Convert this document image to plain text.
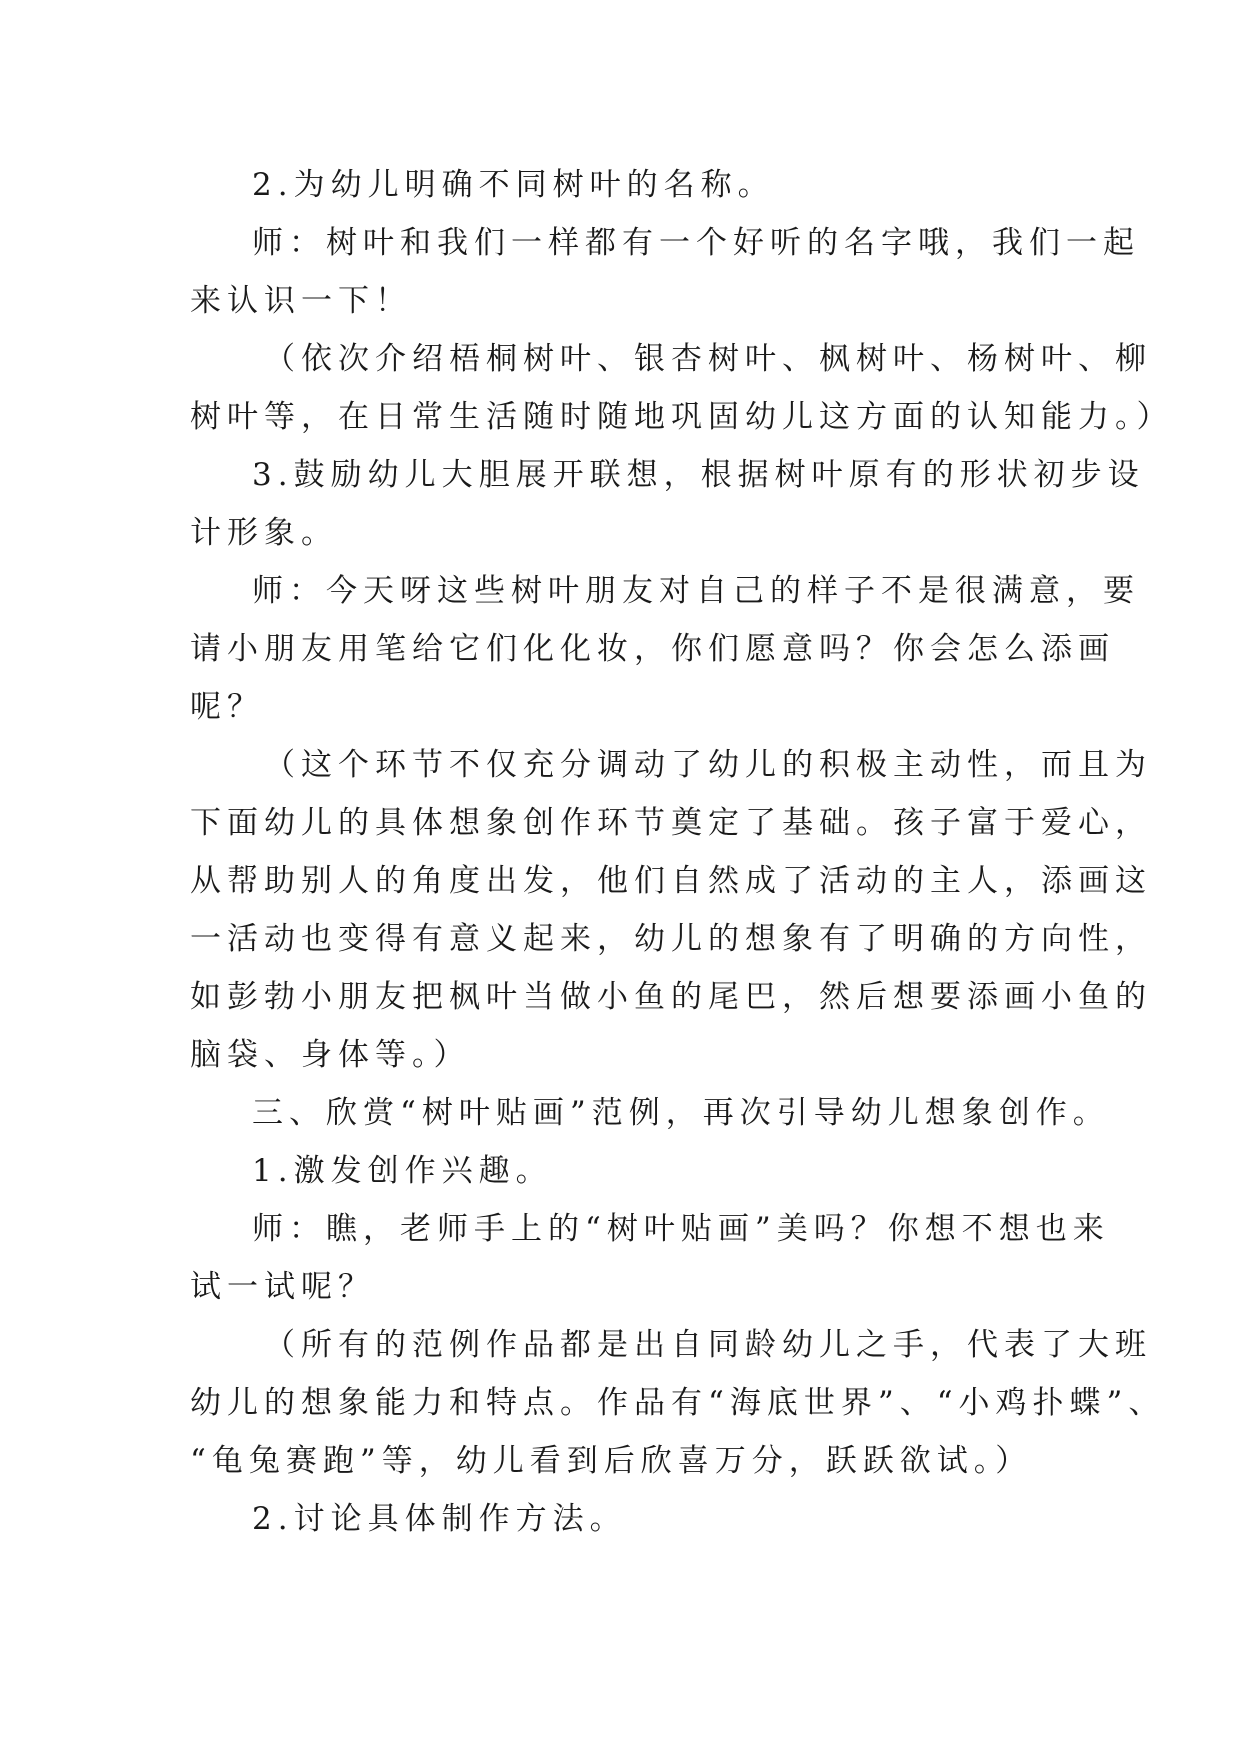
2.为幼儿明确不同树叶的名称。
师：树叶和我们一样都有一个好听的名字哦，我们一起
来认识一下！
（依次介绍梧桐树叶、银杏树叶、枫树叶、杨树叶、柳
树叶等，在日常生活随时随地巩固幼儿这方面的认知能力。）
3.鼓励幼儿大胆展开联想，根据树叶原有的形状初步设
计形象。
师：今天呀这些树叶朋友对自己的样子不是很满意，要
请小朋友用笔给它们化化妆，你们愿意吗？你会怎么添画
呢？
（这个环节不仅充分调动了幼儿的积极主动性，而且为
下面幼儿的具体想象创作环节奠定了基础。孩子富于爱心，
从帮助别人的角度出发，他们自然成了活动的主人，添画这
一活动也变得有意义起来，幼儿的想象有了明确的方向性，
如彭勃小朋友把枫叶当做小鱼的尾巴，然后想要添画小鱼的
脑袋、身体等。）
三、欣赏“树叶贴画”范例，再次引导幼儿想象创作。
1.激发创作兴趣。
师：瞧，老师手上的“树叶贴画”美吗？你想不想也来
试一试呢？
（所有的范例作品都是出自同龄幼儿之手，代表了大班
幼儿的想象能力和特点。作品有“海底世界”、“小鸡扑蝶”、
“龟兔赛跑”等，幼儿看到后欣喜万分，跃跃欲试。）
2.讨论具体制作方法。
